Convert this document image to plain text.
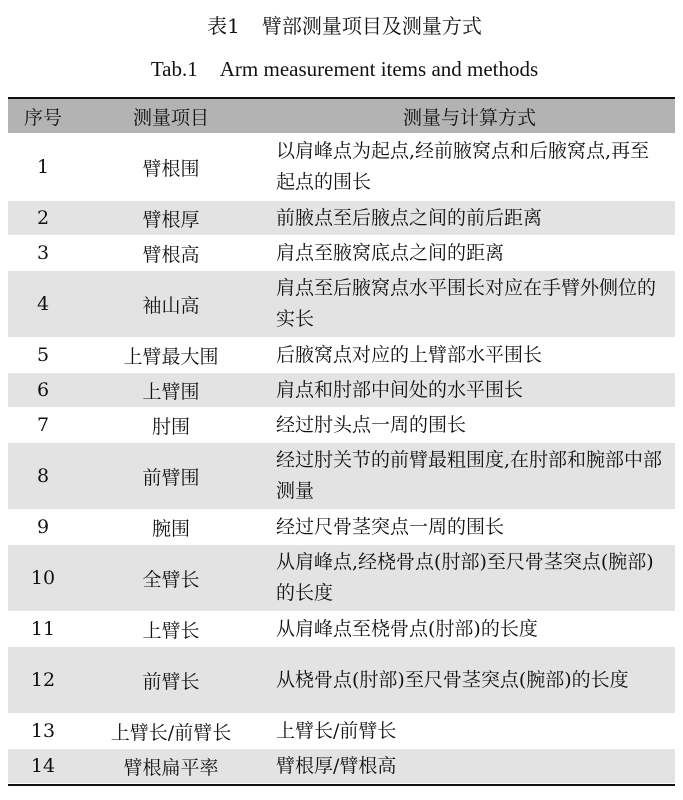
表1 臂部测量项目及测量方式
Tab.1 Arm measurement items and methods
序号	测量项目	测量与计算方式
1	臂根围	以肩峰点为起点,经前腋窝点和后腋窝点,再至起点的围长
2	臂根厚	前腋点至后腋点之间的前后距离
3	臂根高	肩点至腋窝底点之间的距离
4	袖山高	肩点至后腋窝点水平围长对应在手臂外侧位的实长
5	上臂最大围	后腋窝点对应的上臂部水平围长
6	上臂围	肩点和肘部中间处的水平围长
7	肘围	经过肘头点一周的围长
8	前臂围	经过肘关节的前臂最粗围度,在肘部和腕部中部测量
9	腕围	经过尺骨茎突点一周的围长
10	全臂长	从肩峰点,经桡骨点(肘部)至尺骨茎突点(腕部)的长度
11	上臂长	从肩峰点至桡骨点(肘部)的长度
12	前臂长	从桡骨点(肘部)至尺骨茎突点(腕部)的长度
13	上臂长/前臂长	上臂长/前臂长
14	臂根扁平率	臂根厚/臂根高
